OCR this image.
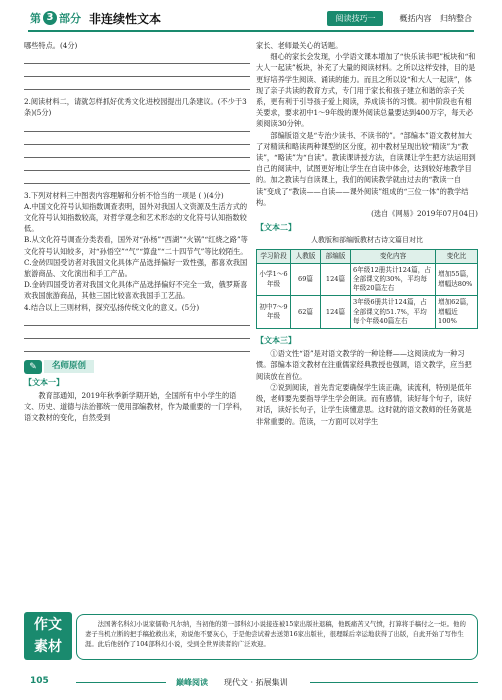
第 3 部分 非连续性文本	阅读技巧一	概括内容 归纳整合

哪些特点。(4分)

2.阅读材料二，请就怎样抓好优秀文化进校园提出几条建议。(不少于3条)(5分)

3.下列对材料三中图表内容理解和分析不恰当的一项是 ( )(4分)

A.中国文化符号认知指数调查表明，国外对我国人文资源及生活方式的文化符号认知指数较高，对哲学观念和艺术形态的文化符号认知指数较低。

B.从文化符号调查分类表看，国外对“孙杨”“西湖”“火锅”“红烧之路”等文化符号认知较多，对“孙悟空”“气”“算盘”“二十四节气”等比较陌生。

C.金砖四国受访者对我国文化具体产品选择偏好一致性强，都喜欢我国旅游商品、文化演出和手工产品。

D.金砖四国受访者对我国文化具体产品选择偏好不完全一致，俄罗斯喜欢我国旅游商品，其他三国比较喜欢我国手工艺品。

4.结合以上三则材料，探究弘扬传统文化的意义。(5分)

✎	名师原创
【文本一】

教育部通知，2019年秋季新学期开始，全国所有中小学生的语文、历史、道德与法治都统一使用部编教材，作为最重要的一门学科，语文教材的变化，自然受到

家长、老师最关心的话题。

细心的家长会发现，小学语文课本增加了“快乐读书吧”板块和“和大人一起读”板块，补充了大量的阅读材料。之所以这样安排，目的是更好培养学生阅读、诵读的能力。而且之所以设“和大人一起读”，体现了亲子共读的教育方式，专门用于家长和孩子建立和谐的亲子关系，更有利于引导孩子爱上阅读，养成读书的习惯。初中阶段也有相关要求，要求初中1～9年级的课外阅读总量要达到400万字，每天必须阅读30分钟。

部编版语文是“专治少读书、不读书的”。“部编本”语文教材加大了对精读和略读两种课型的区分度，初中教材呈现出较“精读”为“教读”，“略读”为“自读”。教读课讲授方法，自读课让学生把方法运用到自己的阅读中，试图更好地让学生在自读中体会，达到较好地教学目的。加之教读与自读课上，我们的阅读教学就由过去的“教读一自读”变成了“教读——自读——课外阅读”组成的“三位一体”的教学结构。

(选自《网易》2019年07月04日)

【文本二】
人教版和部编版教材古诗文篇目对比
学习阶段	人教版	部编版	变化内容	变化比
小学1～6年级	69篇	124篇	6年级12册共计124篇，占全部课文的30%，平均每年级20篇左右	增加55篇，增幅达80%
初中7～9年级	62篇	124篇	3年级6册共计124篇，占全部课文的51.7%，平均每个年级40篇左右	增加62篇，增幅近100%
【文本三】

①语文性“语”是对语文教学的一种诠释——这阅读成为一种习惯。部编本语文教材在注重儒家经典教授也强调，语文教学，应当把阅读放在首位。

②说到阅读，首先肯定要确保学生读正确，读流利，特别是低年级，老师要先要指导学生学会朗读。而有感情，读好每个句子，读好对话，读好长句子，让学生读懂意思。这时就的语文教师的任务就是非常重要的。范读，一方面可以对学生

作文
素材
法国著名科幻小说家儒勒·凡尔纳，当初他的第一部科幻小说接连被15家出版社退稿，他既痛苦又气愤，打算将手稿付之一炬。他的妻子当机立断的把手稿抢救出来，劝说他不要灰心，于是他尝试着去送第16家出版社，很理睬后幸运地获得了出版，自此开始了写作生涯。此后他创作了104部科幻小说，受到全世界读者的广泛欢迎。
105	巅峰阅读 现代文 · 拓展集训
